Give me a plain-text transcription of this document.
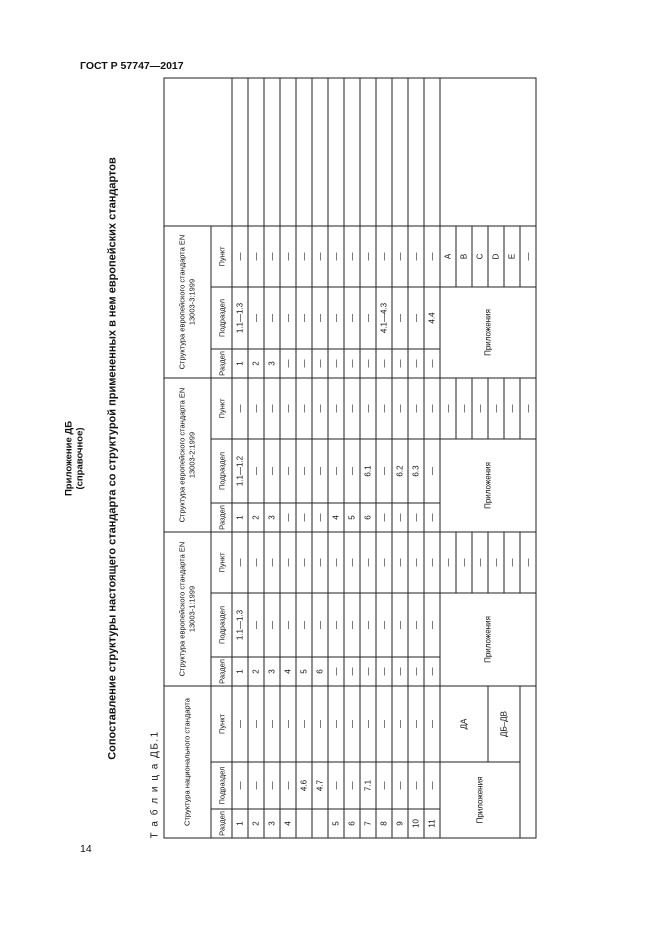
ГОСТ Р 57747—2017
14
Приложение ДБ (справочное) Сопоставление структуры настоящего стандарта со структурой примененных в нем европейских стандартов
Т а б л и ц а ДБ.1	Структура национального стандарта			Структура европейского стандарта EN 13003-1:1999			Структура европейского стандарта EN 13003-2:1999			Структура европейского стандарта EN 13003-3:1999			
Раздел	Подраздел	Пункт	Раздел	Подраздел	Пункт	Раздел	Подраздел	Пункт	Раздел	Подраздел	Пункт	
1	—	—	1	1.1—1.3	—	1	1.1—1.2	—	1	1.1—1.3	—	
2	—	—	2	—	—	2	—	—	2	—	—	
3	—	—	3	—	—	3	—	—	3	—	—	
4	—	—	4	—	—	—	—	—	—	—	—	
	4.6	—	5	—	—	—	—	—	—	—	—	
	4.7	—	6	—	—	—	—	—	—	—	—	
5	—	—	—	—	—	4	—	—	—	—	—	
6	—	—	—	—	—	5	—	—	—	—	—	
7	7.1	—	—	—	—	6	6.1	—	—	—	—	
8	—	—	—	—	—	—	—	—	—	4.1—4.3	—	
9	—	—	—	—	—	—	6.2	—	—	—	—	
10	—	—	—	—	—	—	6.3	—	—	—	—	
11	—	—	—	—	—	—	—	—	—	4.4	—	
Приложения		ДА	Приложения		—	Приложения		—	Приложения		A	
					—			—			B	
					—			—			C	
		ДБ–ДВ			—			—			D	
					—			—			E	
					—			—			—	
